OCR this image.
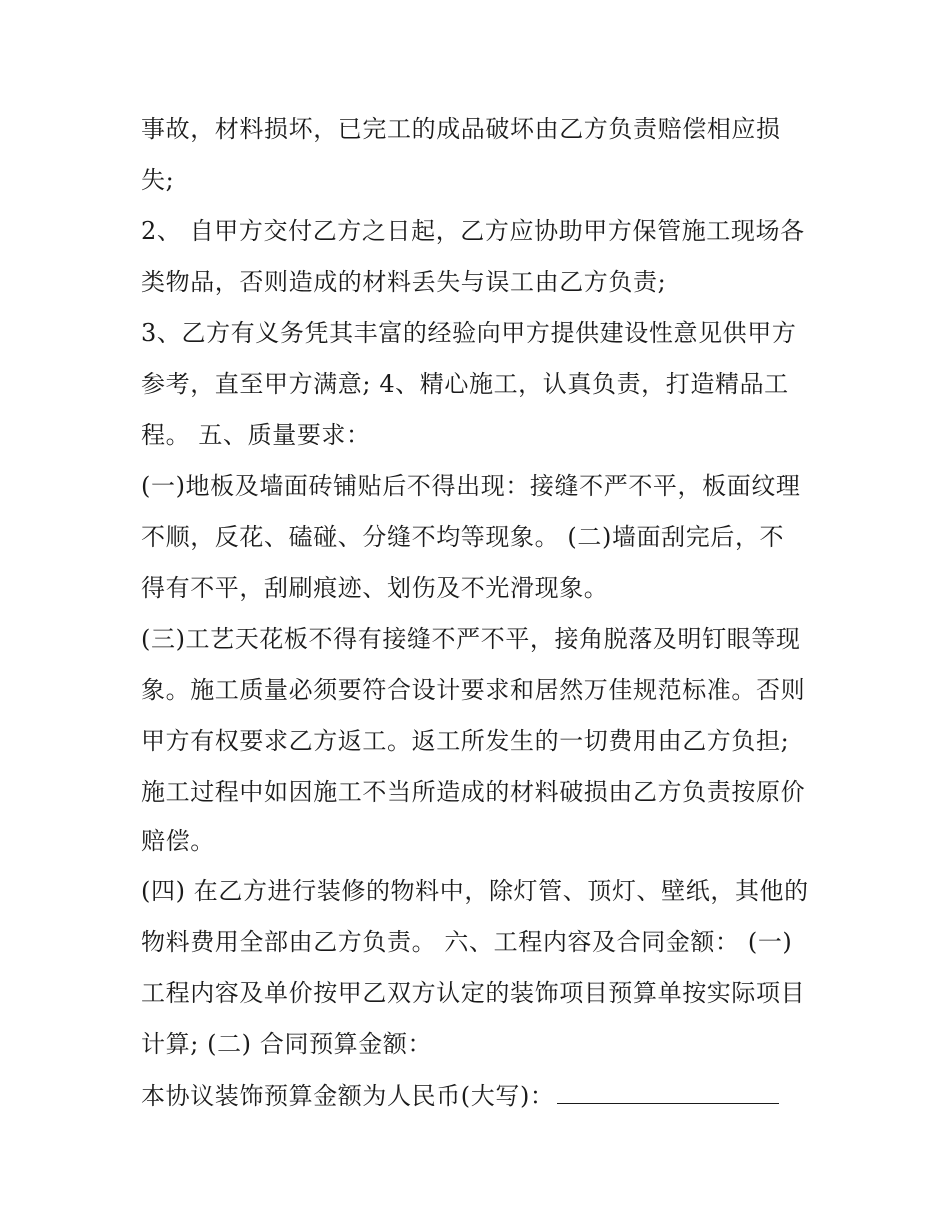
事故，材料损坏，已完工的成品破坏由乙方负责赔偿相应损
失;
2、 自甲方交付乙方之日起，乙方应协助甲方保管施工现场各
类物品，否则造成的材料丢失与误工由乙方负责;
3、乙方有义务凭其丰富的经验向甲方提供建设性意见供甲方
参考，直至甲方满意; 4、精心施工，认真负责，打造精品工
程。 五、质量要求：
(一)地板及墙面砖铺贴后不得出现：接缝不严不平，板面纹理
不顺，反花、磕碰、分缝不均等现象。 (二)墙面刮完后，不
得有不平，刮刷痕迹、划伤及不光滑现象。
(三)工艺天花板不得有接缝不严不平，接角脱落及明钉眼等现
象。施工质量必须要符合设计要求和居然万佳规范标准。否则
甲方有权要求乙方返工。返工所发生的一切费用由乙方负担;
施工过程中如因施工不当所造成的材料破损由乙方负责按原价
赔偿。
(四) 在乙方进行装修的物料中，除灯管、顶灯、壁纸，其他的
物料费用全部由乙方负责。 六、工程内容及合同金额： (一)
工程内容及单价按甲乙双方认定的装饰项目预算单按实际项目
计算; (二) 合同预算金额：
本协议装饰预算金额为人民币(大写)：
